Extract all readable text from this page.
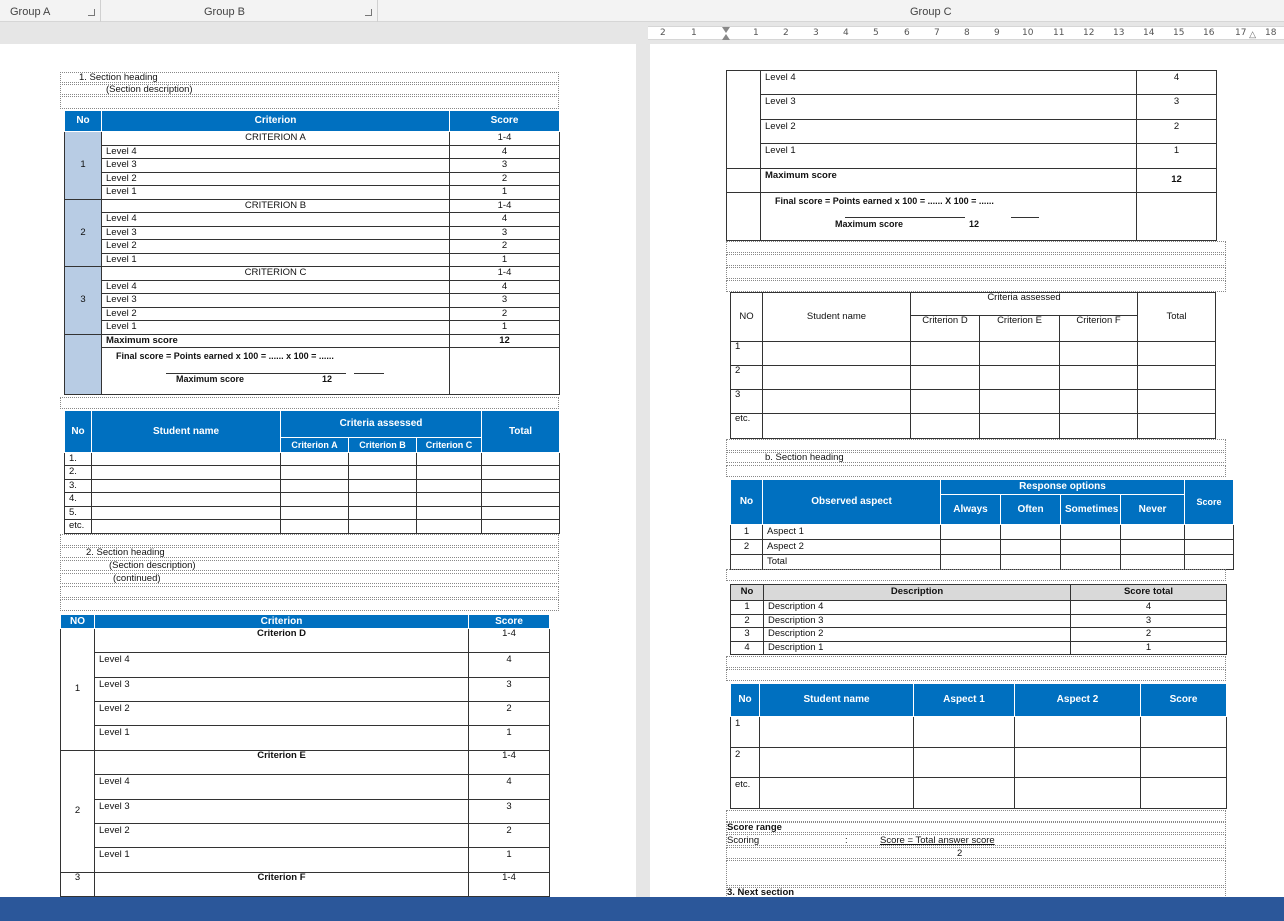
Group A	Group B	Group C
2	1	1	2	3	4	5	6	7	8	9 10 11 12 13 14 15 16 17 18
△
1. Section heading
(Section description)
No	Criterion	Score
1	CRITERION A	1-4
	Level 4	4
	Level 3	3
	Level 2	2
	Level 1	1
2	CRITERION B	1-4
	Level 4	4
	Level 3	3
	Level 2	2
	Level 1	1
3	CRITERION C	1-4
	Level 4	4
	Level 3	3
	Level 2	2
	Level 1	1
	Maximum score	12

	Final score = Points earned x 100 = ...... x 100 = ......
Maximum score 12	

No	Student name	Criteria assessed			Total
		Criterion A	Criterion B	Criterion C	
1.					
2.					
3.					
4.					
5.					
etc.					
2. Section heading
(Section description)
(continued)
NO	Criterion	Score
1	Criterion D	1-4
	Level 4	4
	Level 3	3
	Level 2	2
	Level 1	1
2	Criterion E	1-4
	Level 4	4
	Level 3	3
	Level 2	2
	Level 1	1
3	Criterion F	1-4
	Level 4	4
	Level 3	3
	Level 2	2
	Level 1	1
	Maximum score	12

	Final score = Points earned x 100 = ...... X 100 = ......
Maximum score 12	

NO	Student name	Criteria assessed			Total
		Criterion D	Criterion E	Criterion F	
1					
2					
3					
etc.					
b. Section heading
No	Observed aspect	Response options				Score
		Always	Often	Sometimes	Never	
1	Aspect 1					
2	Aspect 2					
	Total					
No	Description	Score total
1	Description 4	4
2	Description 3	3
3	Description 2	2
4	Description 1	1
No	Student name	Aspect 1	Aspect 2	Score
1				
2				
etc.				
Score range
Scoring	:	Score = Total answer score
2
3. Next section
